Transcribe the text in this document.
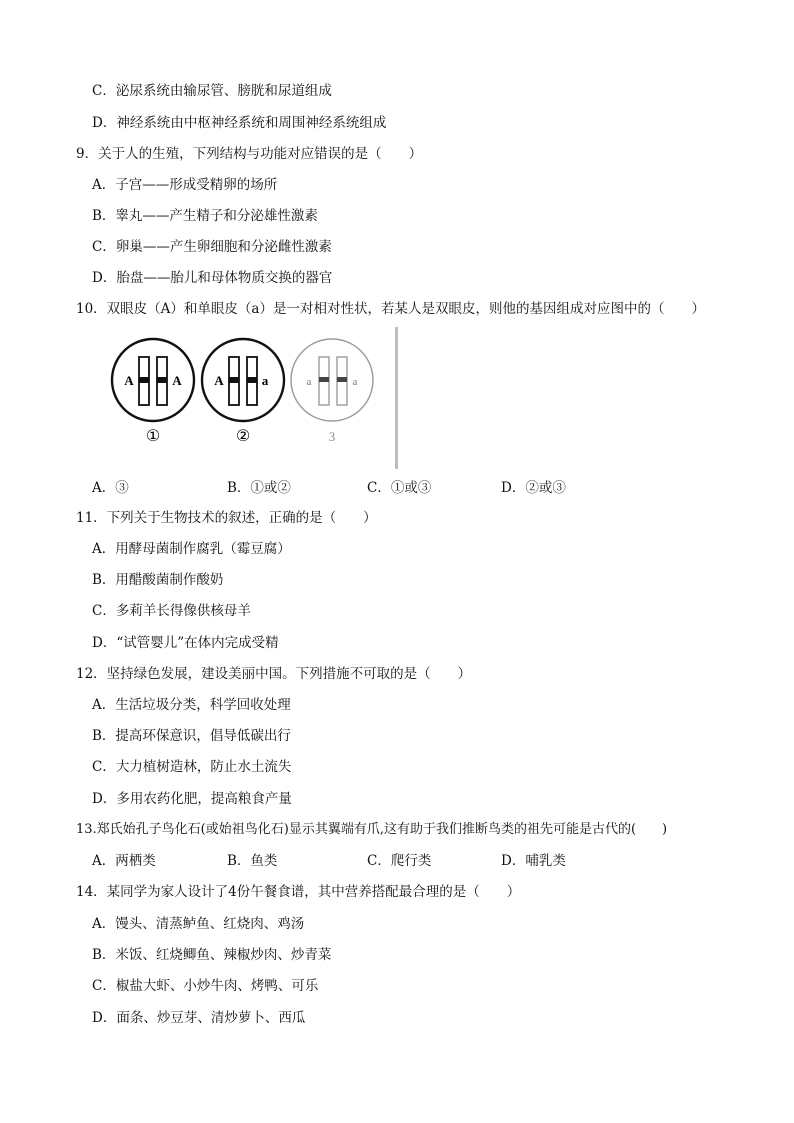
C．泌尿系统由输尿管、膀胱和尿道组成
D．神经系统由中枢神经系统和周围神经系统组成
9．关于人的生殖，下列结构与功能对应错误的是（　　）
A．子宫——形成受精卵的场所
B．睾丸——产生精子和分泌雄性激素
C．卵巢——产生卵细胞和分泌雌性激素
D．胎盘——胎儿和母体物质交换的器官
10．双眼皮（A）和单眼皮（a）是一对相对性状，若某人是双眼皮，则他的基因组成对应图中的（　　）
A	A
①
A	a
②
a	a
3
A．③	B．①或②	C．①或③	D．②或③
11．下列关于生物技术的叙述，正确的是（　　）
A．用酵母菌制作腐乳（霉豆腐）
B．用醋酸菌制作酸奶
C．多莉羊长得像供核母羊
D．“试管婴儿”在体内完成受精
12．坚持绿色发展，建设美丽中国。下列措施不可取的是（　　）
A．生活垃圾分类，科学回收处理
B．提高环保意识，倡导低碳出行
C．大力植树造林，防止水土流失
D．多用农药化肥，提高粮食产量
13.郑氏始孔子鸟化石(或始祖鸟化石)显示其翼端有爪,这有助于我们推断鸟类的祖先可能是古代的(　　)
A．两栖类	B．鱼类	C．爬行类	D．哺乳类
14．某同学为家人设计了4份午餐食谱，其中营养搭配最合理的是（　　）
A．馒头、清蒸鲈鱼、红烧肉、鸡汤
B．米饭、红烧鲫鱼、辣椒炒肉、炒青菜
C．椒盐大虾、小炒牛肉、烤鸭、可乐
D．面条、炒豆芽、清炒萝卜、西瓜
